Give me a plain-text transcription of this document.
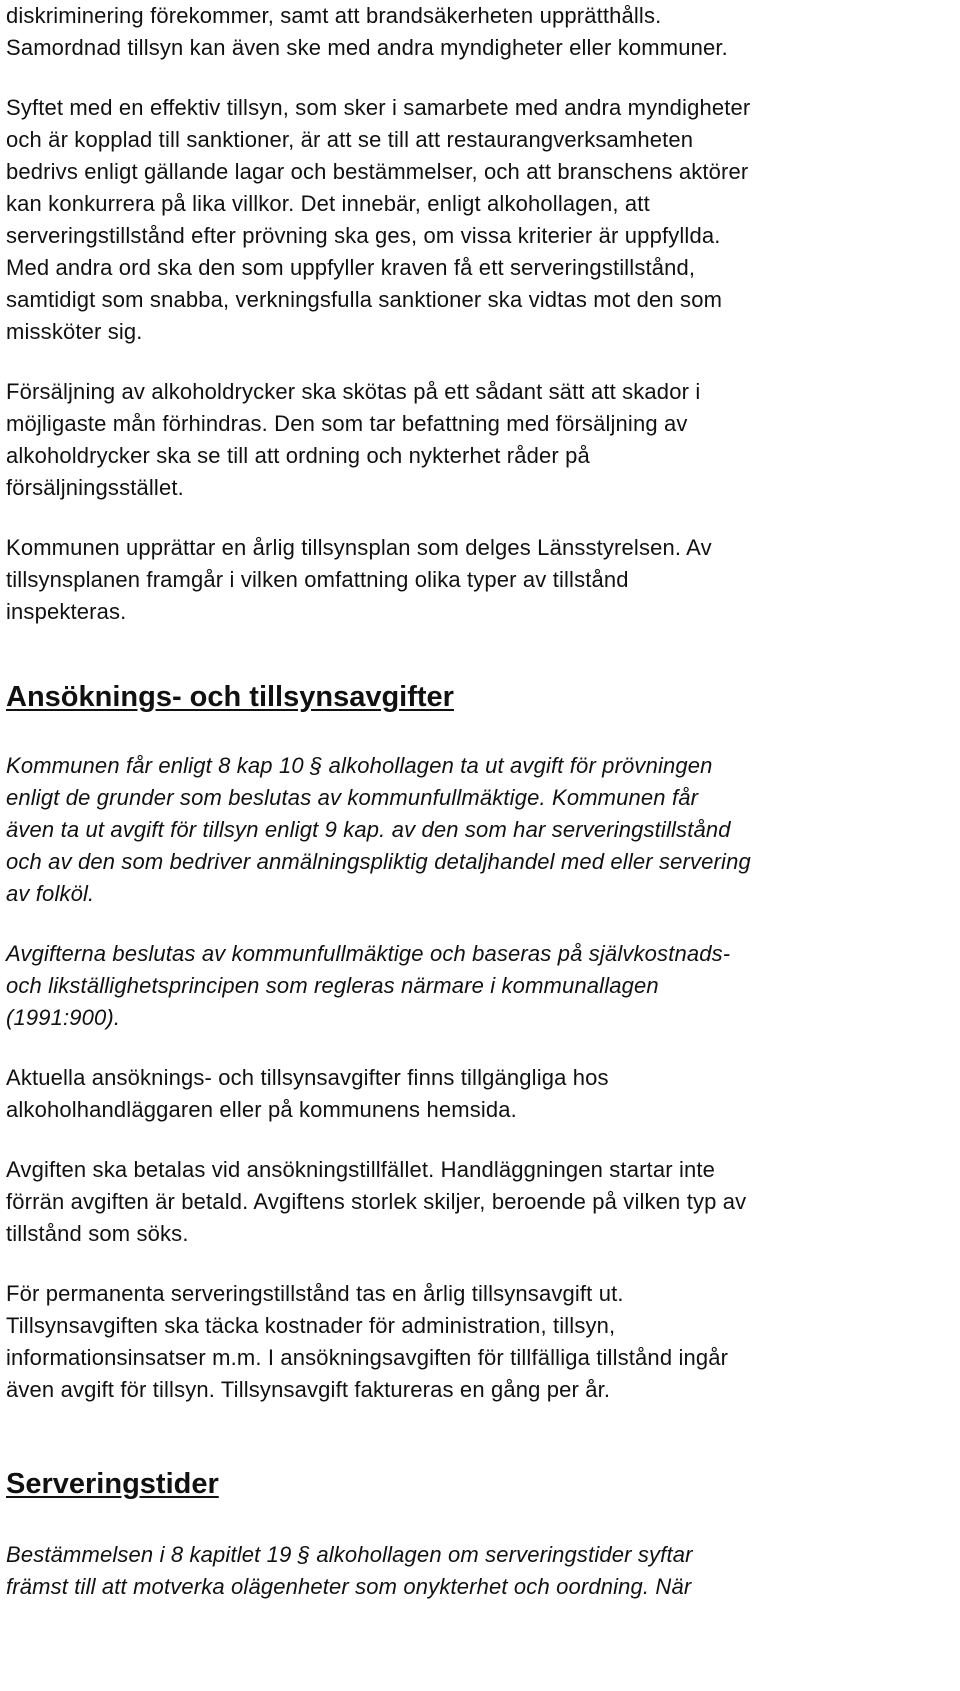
diskriminering förekommer, samt att brandsäkerheten upprätthålls.
Samordnad tillsyn kan även ske med andra myndigheter eller kommuner.
Syftet med en effektiv tillsyn, som sker i samarbete med andra myndigheter
och är kopplad till sanktioner, är att se till att restaurangverksamheten
bedrivs enligt gällande lagar och bestämmelser, och att branschens aktörer
kan konkurrera på lika villkor. Det innebär, enligt alkohollagen, att
serveringstillstånd efter prövning ska ges, om vissa kriterier är uppfyllda.
Med andra ord ska den som uppfyller kraven få ett serveringstillstånd,
samtidigt som snabba, verkningsfulla sanktioner ska vidtas mot den som
missköter sig.
Försäljning av alkoholdrycker ska skötas på ett sådant sätt att skador i
möjligaste mån förhindras. Den som tar befattning med försäljning av
alkoholdrycker ska se till att ordning och nykterhet råder på
försäljningsstället.
Kommunen upprättar en årlig tillsynsplan som delges Länsstyrelsen. Av
tillsynsplanen framgår i vilken omfattning olika typer av tillstånd
inspekteras.
Ansöknings- och tillsynsavgifter
Kommunen får enligt 8 kap 10 § alkohollagen ta ut avgift för prövningen
enligt de grunder som beslutas av kommunfullmäktige. Kommunen får
även ta ut avgift för tillsyn enligt 9 kap. av den som har serveringstillstånd
och av den som bedriver anmälningspliktig detaljhandel med eller servering
av folköl.
Avgifterna beslutas av kommunfullmäktige och baseras på självkostnads-
och likställighetsprincipen som regleras närmare i kommunallagen
(1991:900).
Aktuella ansöknings- och tillsynsavgifter finns tillgängliga hos
alkoholhandläggaren eller på kommunens hemsida.
Avgiften ska betalas vid ansökningstillfället. Handläggningen startar inte
förrän avgiften är betald. Avgiftens storlek skiljer, beroende på vilken typ av
tillstånd som söks.
För permanenta serveringstillstånd tas en årlig tillsynsavgift ut.
Tillsynsavgiften ska täcka kostnader för administration, tillsyn,
informationsinsatser m.m. I ansökningsavgiften för tillfälliga tillstånd ingår
även avgift för tillsyn. Tillsynsavgift faktureras en gång per år.
Serveringstider
Bestämmelsen i 8 kapitlet 19 § alkohollagen om serveringstider syftar
främst till att motverka olägenheter som onykterhet och oordning. När
